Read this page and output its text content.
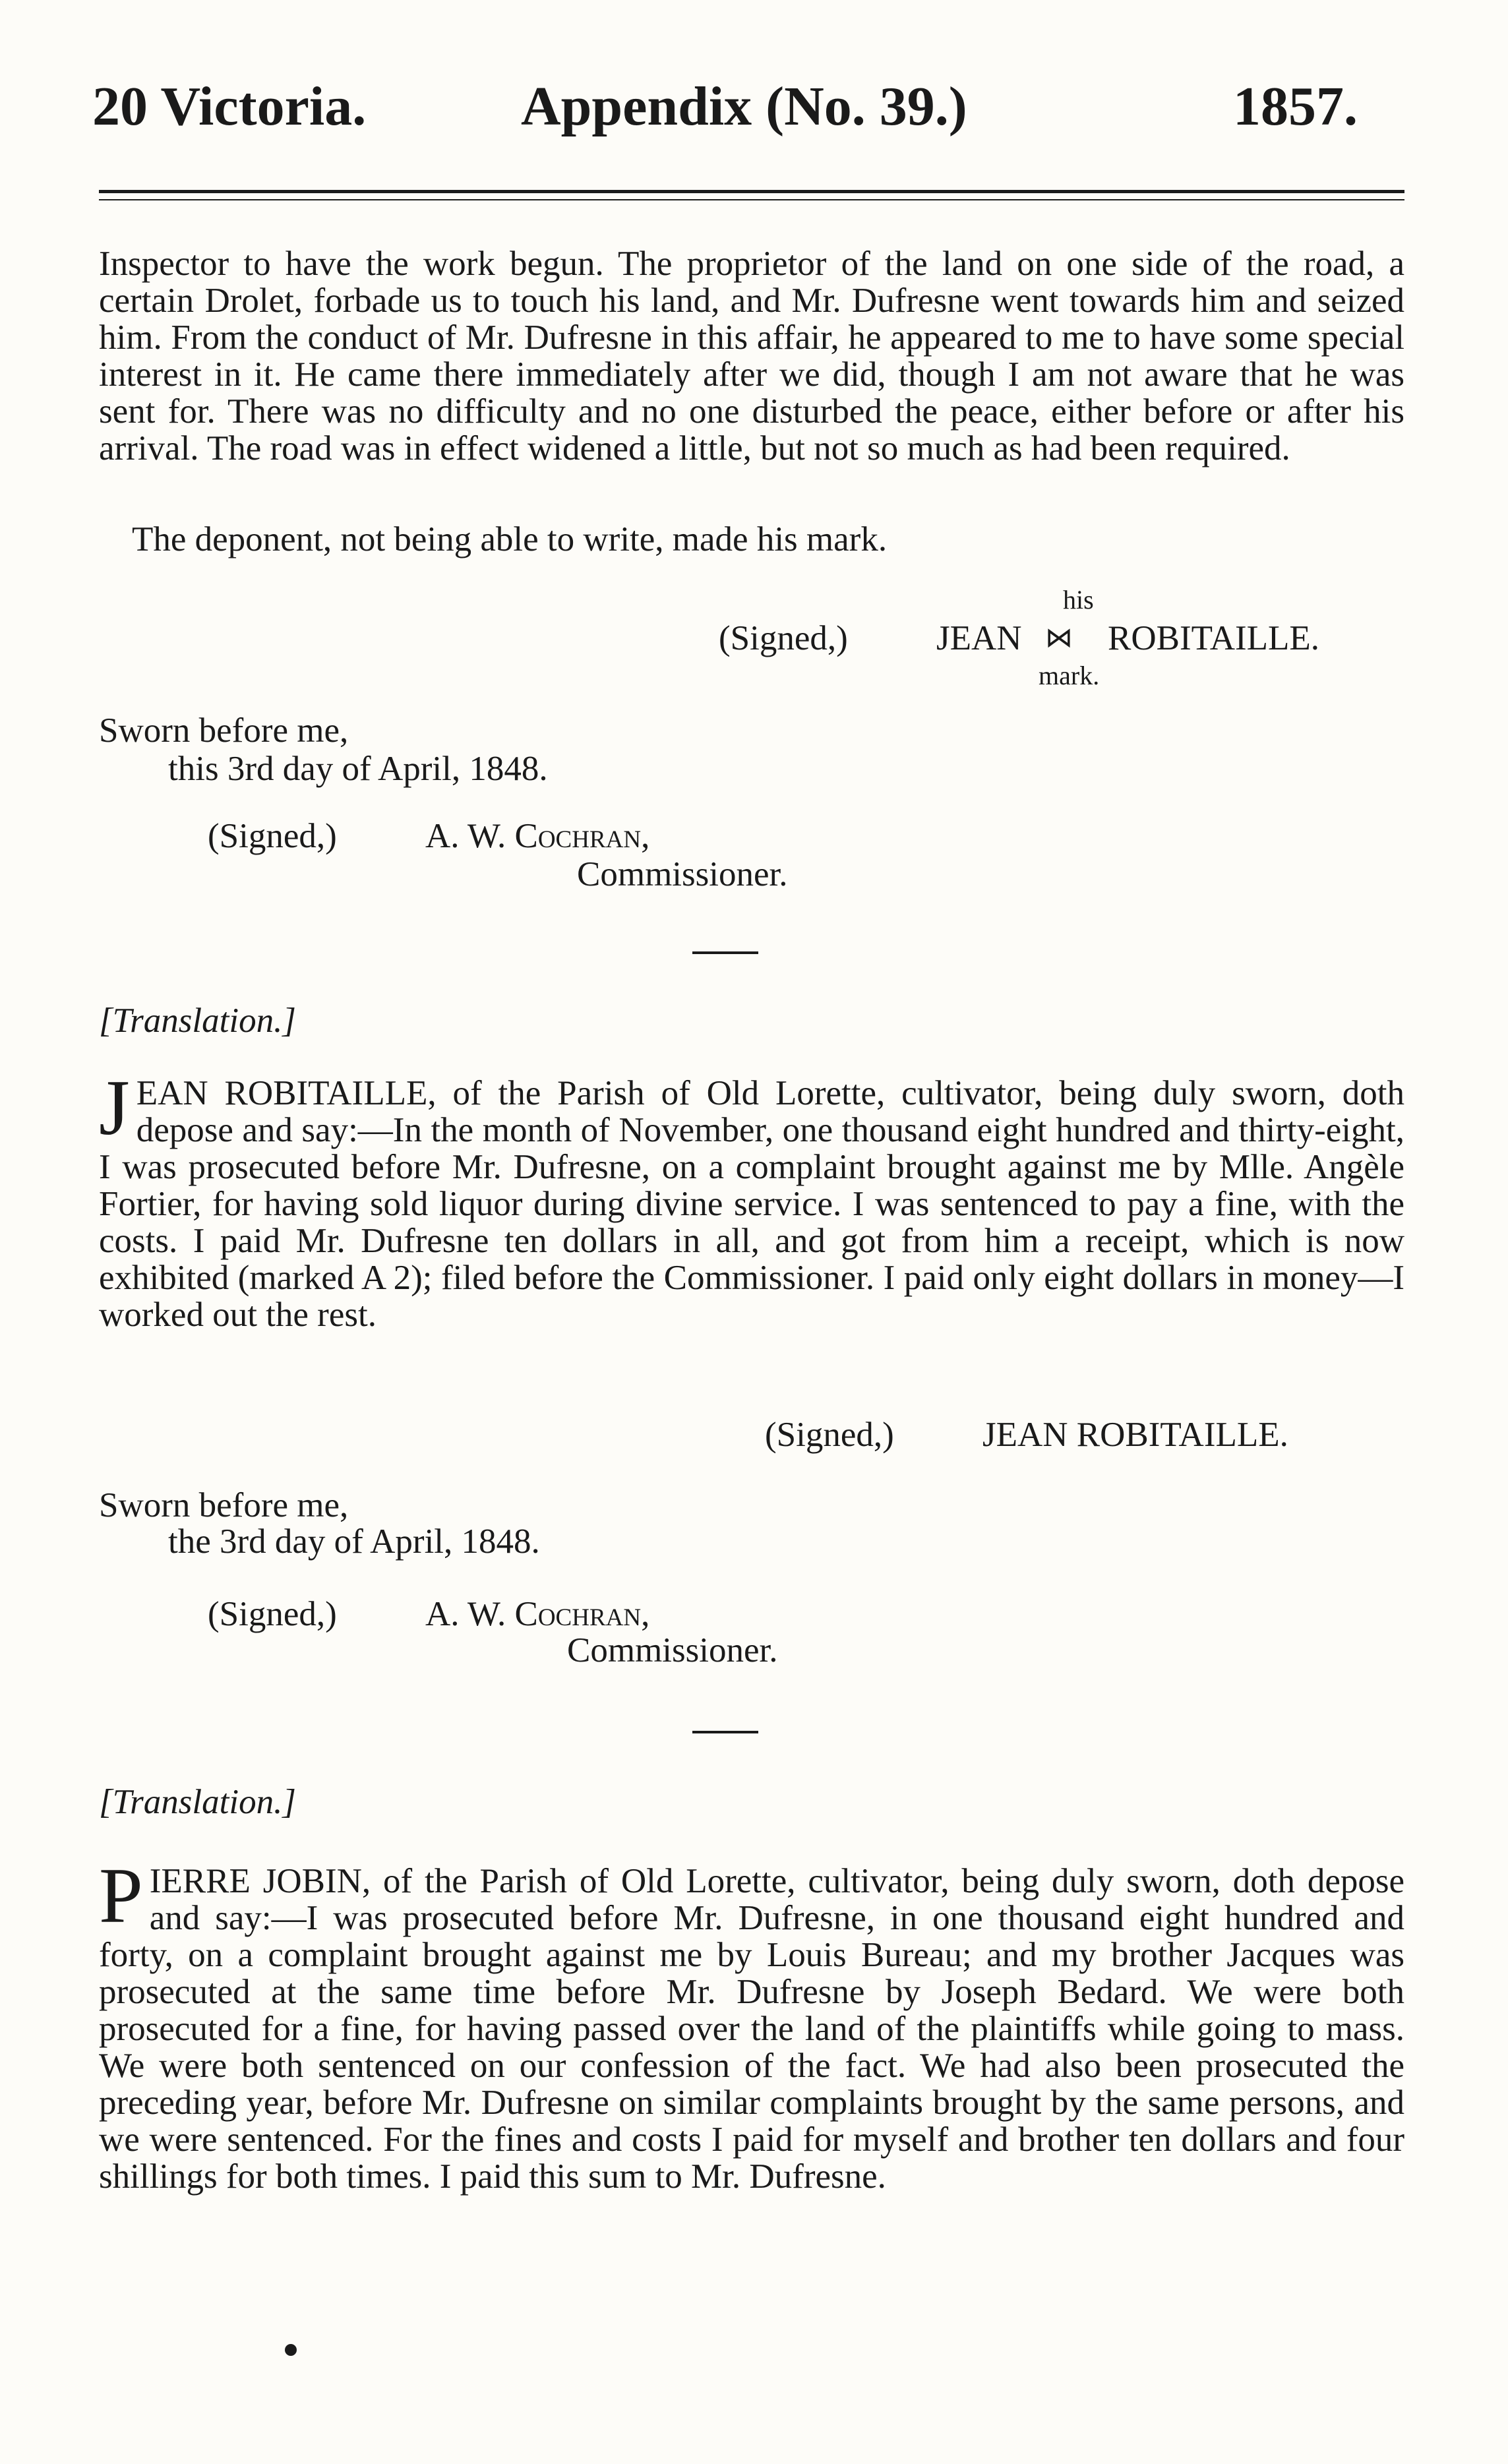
20 Victoria.	Appendix (No. 39.)	1857.
Inspector to have the work begun. The proprietor of the land on one side of the road, a certain Drolet, forbade us to touch his land, and Mr. Dufresne went towards him and seized him. From the conduct of Mr. Dufresne in this affair, he appeared to me to have some special interest in it. He came there immediately after we did, though I am not aware that he was sent for. There was no difficulty and no one disturbed the peace, either before or after his arrival. The road was in effect widened a little, but not so much as had been required.
The deponent, not being able to write, made his mark.
his
(Signed,)	JEAN ⋈ ROBITAILLE.
mark.
Sworn before me,
this 3rd day of April, 1848.
(Signed,)	A. W. Cochran,
Commissioner.
[Translation.]
J EAN ROBITAILLE, of the Parish of Old Lorette, cultivator, being duly sworn, doth depose and say:—In the month of November, one thousand eight hundred and thirty-eight, I was prosecuted before Mr. Dufresne, on a complaint brought against me by Mlle. Angèle Fortier, for having sold liquor during divine service. I was sentenced to pay a fine, with the costs. I paid Mr. Dufresne ten dollars in all, and got from him a receipt, which is now exhibited (marked A 2); filed before the Commissioner. I paid only eight dollars in money—I worked out the rest.
(Signed,)	JEAN ROBITAILLE.
Sworn before me,
the 3rd day of April, 1848.
(Signed,)	A. W. Cochran,
Commissioner.
[Translation.]
P IERRE JOBIN, of the Parish of Old Lorette, cultivator, being duly sworn, doth depose and say:—I was prosecuted before Mr. Dufresne, in one thousand eight hundred and forty, on a complaint brought against me by Louis Bureau; and my brother Jacques was prosecuted at the same time before Mr. Dufresne by Joseph Bedard. We were both prosecuted for a fine, for having passed over the land of the plaintiffs while going to mass. We were both sentenced on our confession of the fact. We had also been prosecuted the preceding year, before Mr. Dufresne on similar complaints brought by the same persons, and we were sentenced. For the fines and costs I paid for myself and brother ten dollars and four shillings for both times. I paid this sum to Mr. Dufresne.
